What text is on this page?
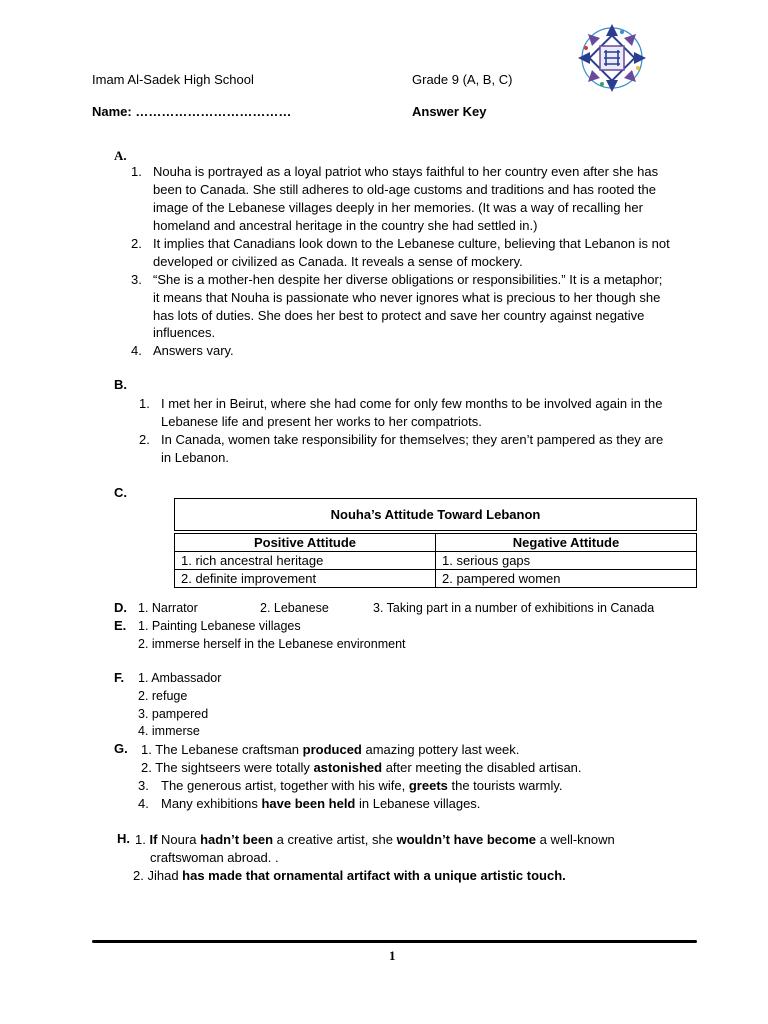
Imam Al-Sadek High School	Grade 9 (A, B, C)
Name: ………………………………	Answer Key
A.
1. Nouha is portrayed as a loyal patriot who stays faithful to her country even after she has
been to Canada. She still adheres to old-age customs and traditions and has rooted the
image of the Lebanese villages deeply in her memories. (It was a way of recalling her
homeland and ancestral heritage in the country she had settled in.)
2. It implies that Canadians look down to the Lebanese culture, believing that Lebanon is not
developed or civilized as Canada. It reveals a sense of mockery.
3. “She is a mother-hen despite her diverse obligations or responsibilities.” It is a metaphor;
it means that Nouha is passionate who never ignores what is precious to her though she
has lots of duties. She does her best to protect and save her country against negative
influences.
4. Answers vary.
B.
1. I met her in Beirut, where she had come for only few months to be involved again in the
Lebanese life and present her works to her compatriots.
2. In Canada, women take responsibility for themselves; they aren’t pampered as they are
in Lebanon.
C.
Nouha’s Attitude Toward Lebanon
Positive Attitude	Negative Attitude
1. rich ancestral heritage	1. serious gaps
2. definite improvement	2. pampered women
D. 1. Narrator	2. Lebanese	3. Taking part in a number of exhibitions in Canada
E. 1. Painting Lebanese villages
2. immerse herself in the Lebanese environment
F. 1. Ambassador
2. refuge
3. pampered
4. immerse
G. 1. The Lebanese craftsman produced amazing pottery last week.
2. The sightseers were totally astonished after meeting the disabled artisan.
3. The generous artist, together with his wife, greets the tourists warmly.
4. Many exhibitions have been held in Lebanese villages.
H. 1. If Noura hadn’t been a creative artist, she wouldn’t have become a well-known
craftswoman abroad. .
2. Jihad has made that ornamental artifact with a unique artistic touch.
1
